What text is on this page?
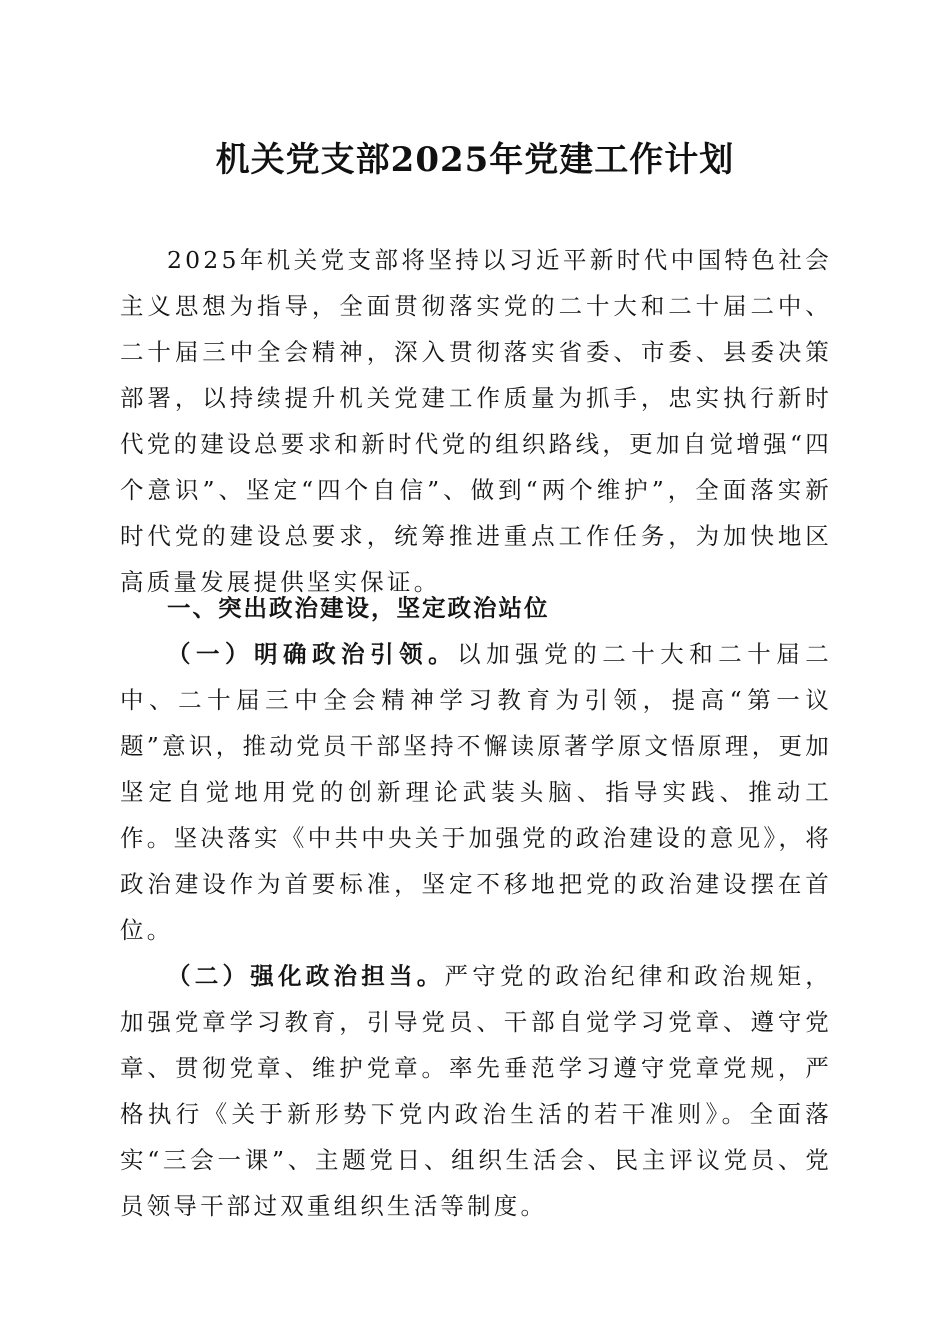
机关党支部2025年党建工作计划

2025年机关党支部将坚持以习近平新时代中国特色社会主义思想为指导，全面贯彻落实党的二十大和二十届二中、二十届三中全会精神，深入贯彻落实省委、市委、县委决策部署，以持续提升机关党建工作质量为抓手，忠实执行新时代党的建设总要求和新时代党的组织路线，更加自觉增强“四个意识”、坚定“四个自信”、做到“两个维护”，全面落实新时代党的建设总要求，统筹推进重点工作任务，为加快地区高质量发展提供坚实保证。

一、突出政治建设，坚定政治站位

（一）明确政治引领。以加强党的二十大和二十届二中、二十届三中全会精神学习教育为引领，提高“第一议题”意识，推动党员干部坚持不懈读原著学原文悟原理，更加坚定自觉地用党的创新理论武装头脑、指导实践、推动工作。坚决落实《中共中央关于加强党的政治建设的意见》，将政治建设作为首要标准，坚定不移地把党的政治建设摆在首位。

（二）强化政治担当。严守党的政治纪律和政治规矩，加强党章学习教育，引导党员、干部自觉学习党章、遵守党章、贯彻党章、维护党章。率先垂范学习遵守党章党规，严格执行《关于新形势下党内政治生活的若干准则》。全面落实“三会一课”、主题党日、组织生活会、民主评议党员、党员领导干部过双重组织生活等制度。
